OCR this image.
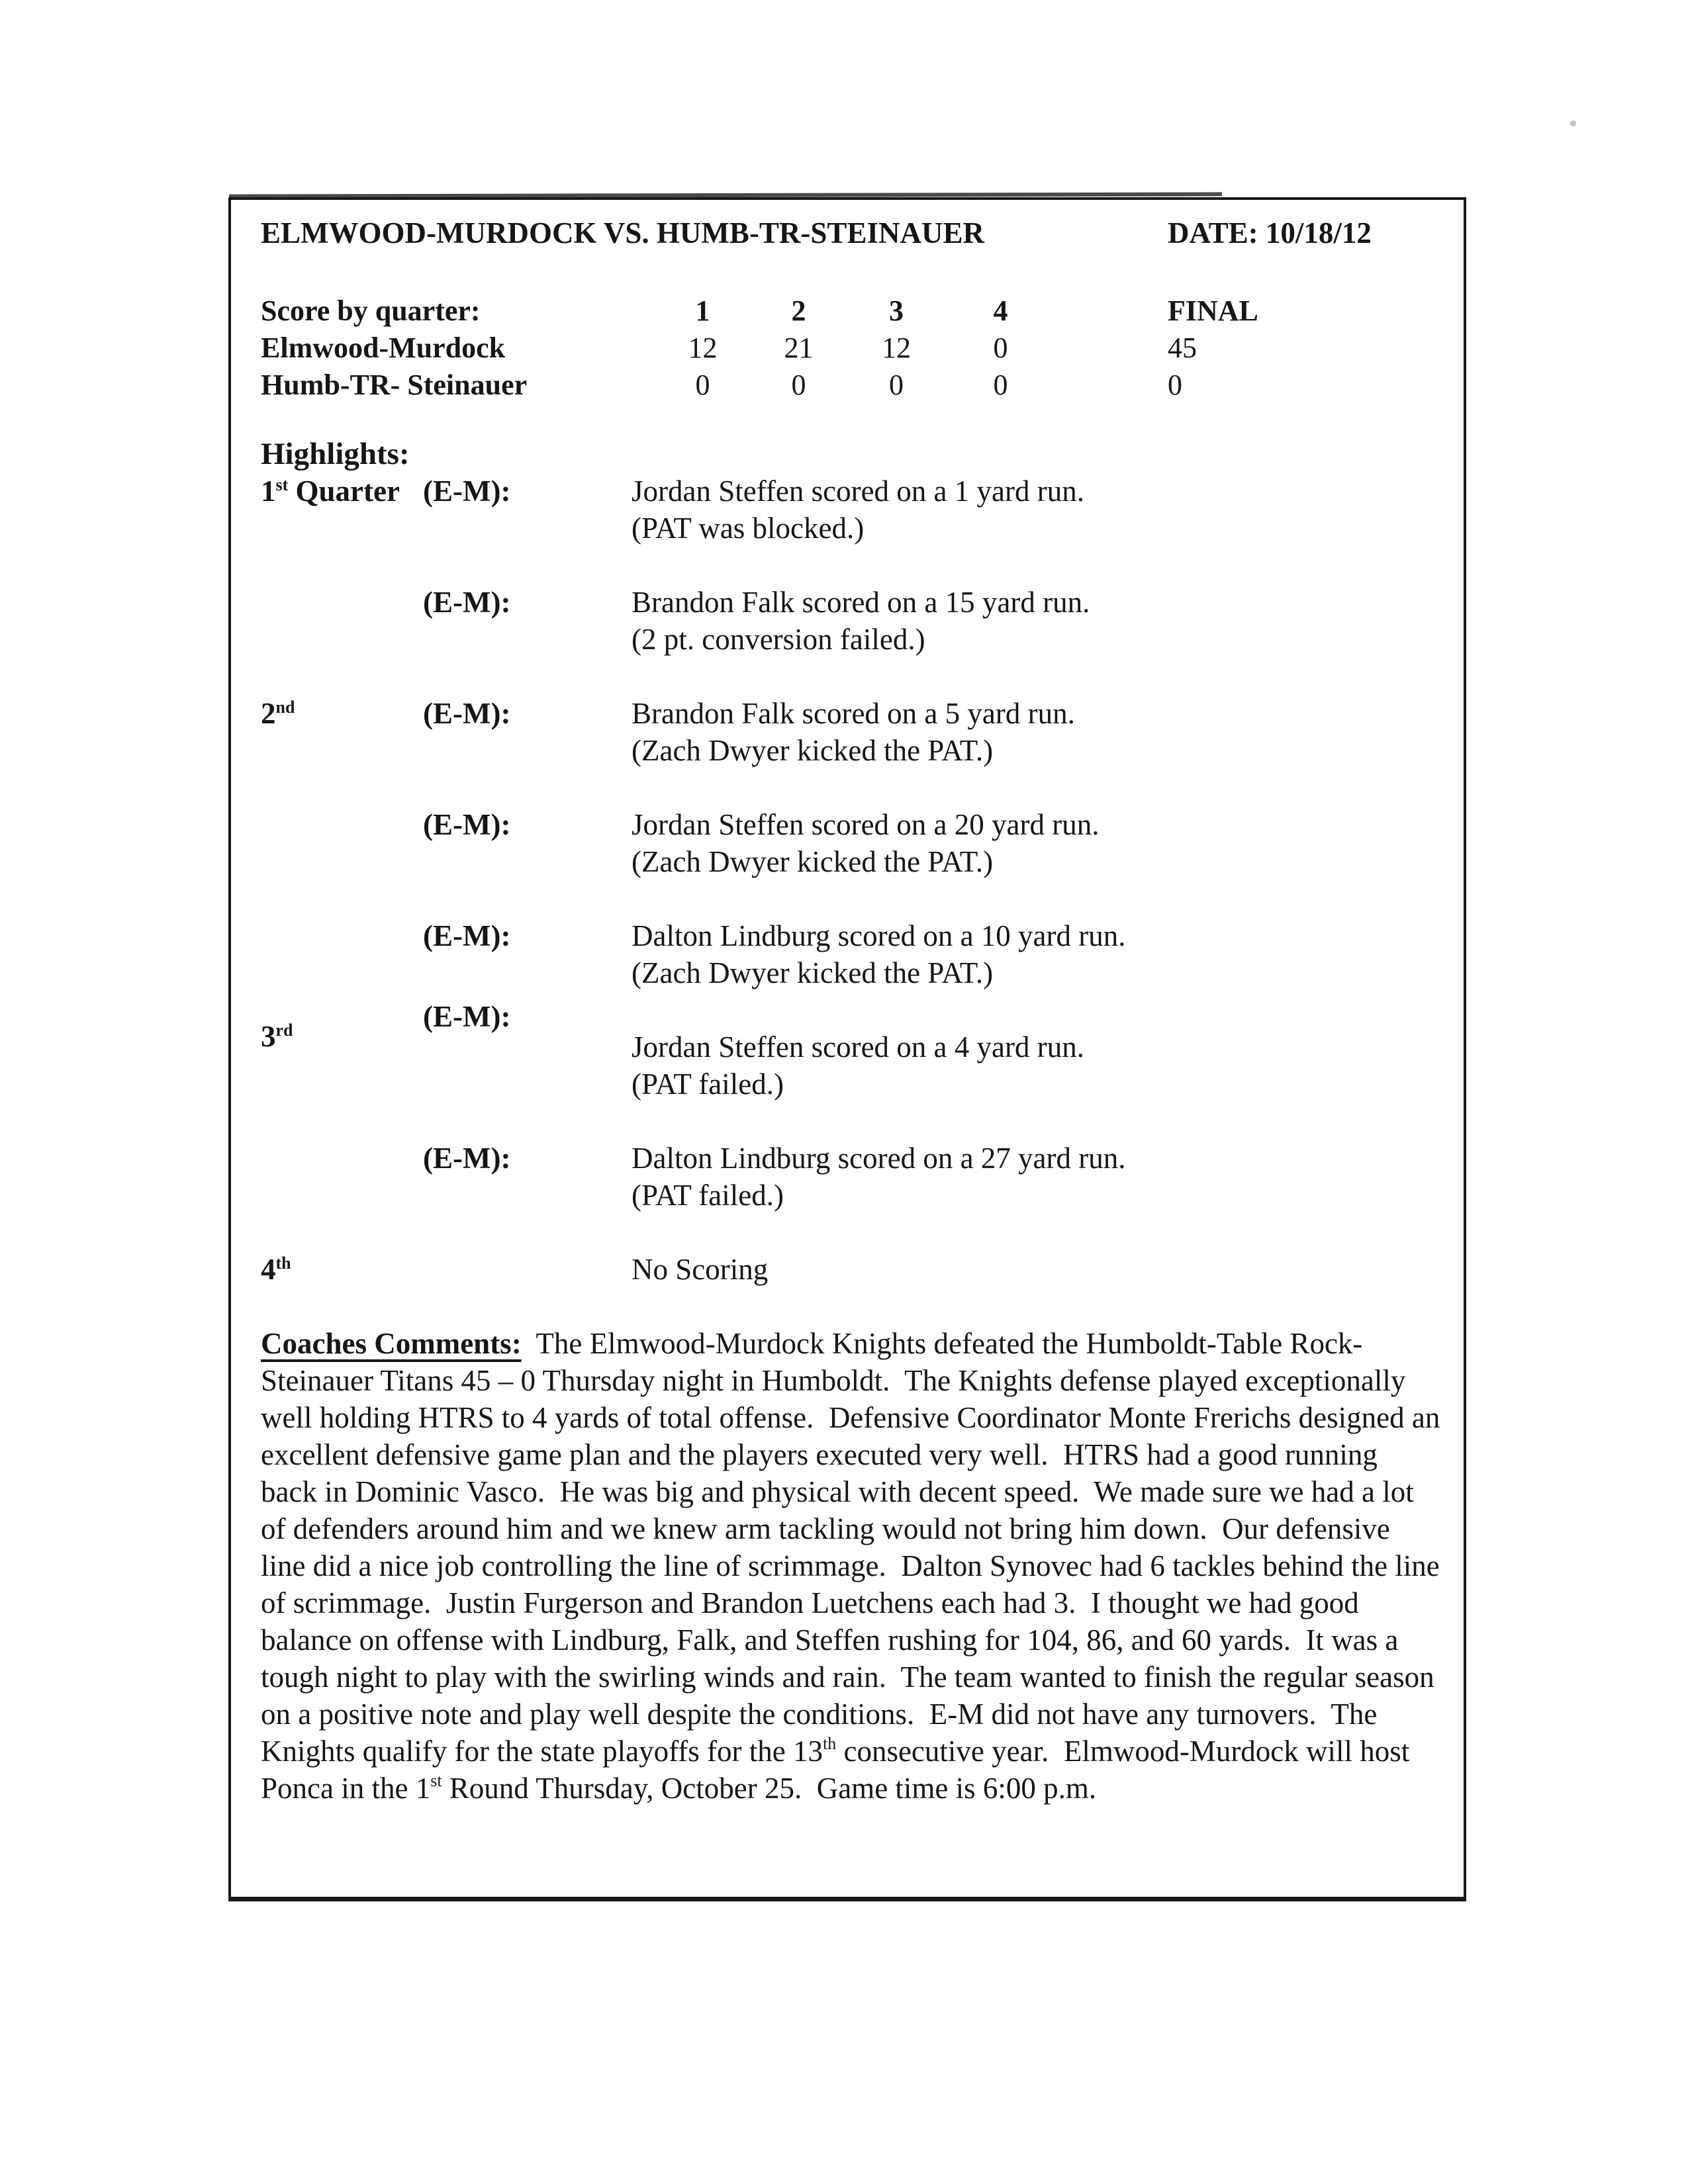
ELMWOOD-MURDOCK VS. HUMB-TR-STEINAUER	DATE: 10/18/12
Score by quarter:	1	2	3	4	FINAL
Elmwood-Murdock	12	21	12	0	45
Humb-TR- Steinauer	0	0	0	0	0
Highlights:
1st Quarter (E-M):	Jordan Steffen scored on a 1 yard run.
(PAT was blocked.)
(E-M):	Brandon Falk scored on a 15 yard run.
(2 pt. conversion failed.)
2nd	(E-M):	Brandon Falk scored on a 5 yard run.
(Zach Dwyer kicked the PAT.)
(E-M):	Jordan Steffen scored on a 20 yard run.
(Zach Dwyer kicked the PAT.)
(E-M):	Dalton Lindburg scored on a 10 yard run.
(Zach Dwyer kicked the PAT.)
3rd	(E-M):
Jordan Steffen scored on a 4 yard run.
(PAT failed.)
(E-M):	Dalton Lindburg scored on a 27 yard run.
(PAT failed.)
4th	No Scoring

Coaches Comments:  The Elmwood-Murdock Knights defeated the Humboldt-Table Rock-Steinauer Titans 45 – 0 Thursday night in Humboldt.  The Knights defense played exceptionally well holding HTRS to 4 yards of total offense.  Defensive Coordinator Monte Frerichs designed an excellent defensive game plan and the players executed very well.  HTRS had a good running back in Dominic Vasco.  He was big and physical with decent speed.  We made sure we had a lot of defenders around him and we knew arm tackling would not bring him down.  Our defensive line did a nice job controlling the line of scrimmage.  Dalton Synovec had 6 tackles behind the line of scrimmage.  Justin Furgerson and Brandon Luetchens each had 3.  I thought we had good balance on offense with Lindburg, Falk, and Steffen rushing for 104, 86, and 60 yards.  It was a tough night to play with the swirling winds and rain.  The team wanted to finish the regular season on a positive note and play well despite the conditions.  E-M did not have any turnovers.  The Knights qualify for the state playoffs for the 13th consecutive year.  Elmwood-Murdock will host Ponca in the 1st Round Thursday, October 25.  Game time is 6:00 p.m.
